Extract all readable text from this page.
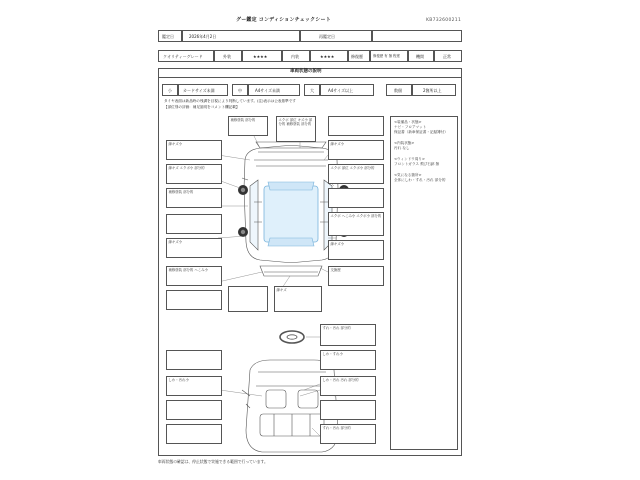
グー鑑定 コンディションチェックシート	KB732600211
鑑定日	2026年4月2日	再鑑定日
クオリティーグレード	外装	★★★★	内装	★★★★	修復歴	修復歴 有 無 程度	機関	正常
車両状態の説明
小	カードサイズ未満	中	A4サイズ未満	大	A4サイズ以上	数個	2箇所以上
タイヤ表面は新品時の残溝を目視により判断しています。(注)表示は公表基準です
【部位別の評価：補足説明をコメント欄記載】
線キズ小
線キズ エクボ小 部分的
補修塗装 部分的
線キズ小
補修塗装 部分的 へこみ小
補修塗装 部分的	エクボ 部位 キズ小 部分的 補修塗装 部分的
線キズ小
エクボ 部位 エクボ小 部分的
エクボ へこみ小 エクボ小 部分的
線キズ小
交換歴
線キズ
<装備品・状態>
ナビ・フロアマット
保証書（新車保証書・記録簿付）
<内装状態>
汚れ なし
<ウィンドウ周り>
フロントガラス 飛び石跡 無
<気になる箇所>
全体にしわ・すれ・汚れ 部分的
すれ・汚れ 部分的
しわ・すれ小
しわ・汚れ小	しわ・汚れ 汚れ 部分的
すれ・汚れ 部分的
車両状態の確認は、停止状態で実施できる範囲で行っています。
